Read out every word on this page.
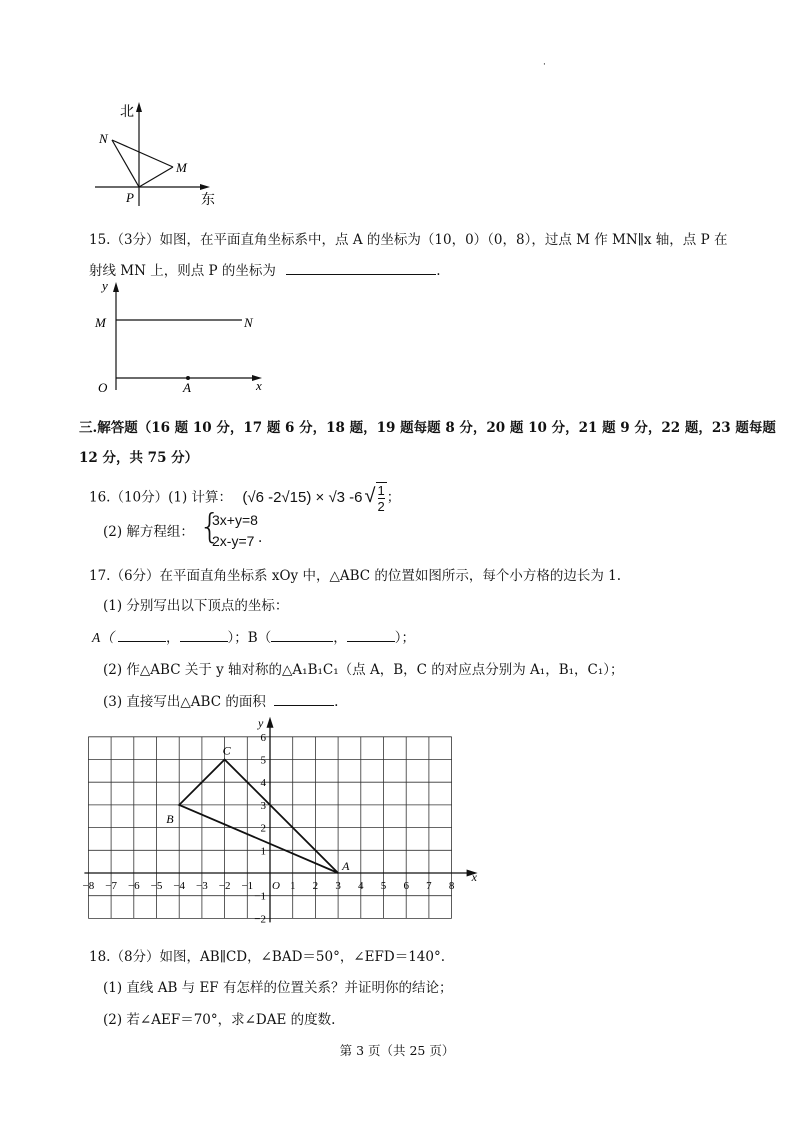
·
北
东
N
M
P
15.（3分）如图，在平面直角坐标系中，点 A 的坐标为（10，0）（0，8），过点 M 作 MN∥x 轴，点 P 在
射线 MN 上，则点 P 的坐标为	.
y
x
M	N
O	A
三.解答题（16 题 10 分，17 题 6 分，18 题，19 题每题 8 分，20 题 10 分，21 题 9 分，22 题，23 题每题
12 分，共 75 分）
16.（10分）(1) 计算： (√6 -2√15) × √3 -6 √ $\frac{1}{2}$ ；
(2) 解方程组： {
3x+y=8
2x-y=7 .
17.（6分）在平面直角坐标系 xOy 中，△ABC 的位置如图所示，每个小方格的边长为 1.
(1) 分别写出以下顶点的坐标：
A（	，	）；B（	，	）；
(2) 作△ABC 关于 y 轴对称的△A₁B₁C₁（点 A，B，C 的对应点分别为 A₁，B₁，C₁）；
(3) 直接写出△ABC 的面积	.
x
y
−8 −7 −6 −5 −4 −3 −2 −1	1 2 3 4 5 6 7 8
6
5
4
3
2
1
−1
−2
O
A
B
C
18.（8分）如图，AB∥CD，∠BAD＝50°，∠EFD＝140°.
(1) 直线 AB 与 EF 有怎样的位置关系？并证明你的结论；
(2) 若∠AEF＝70°，求∠DAE 的度数.
第 3 页（共 25 页）
